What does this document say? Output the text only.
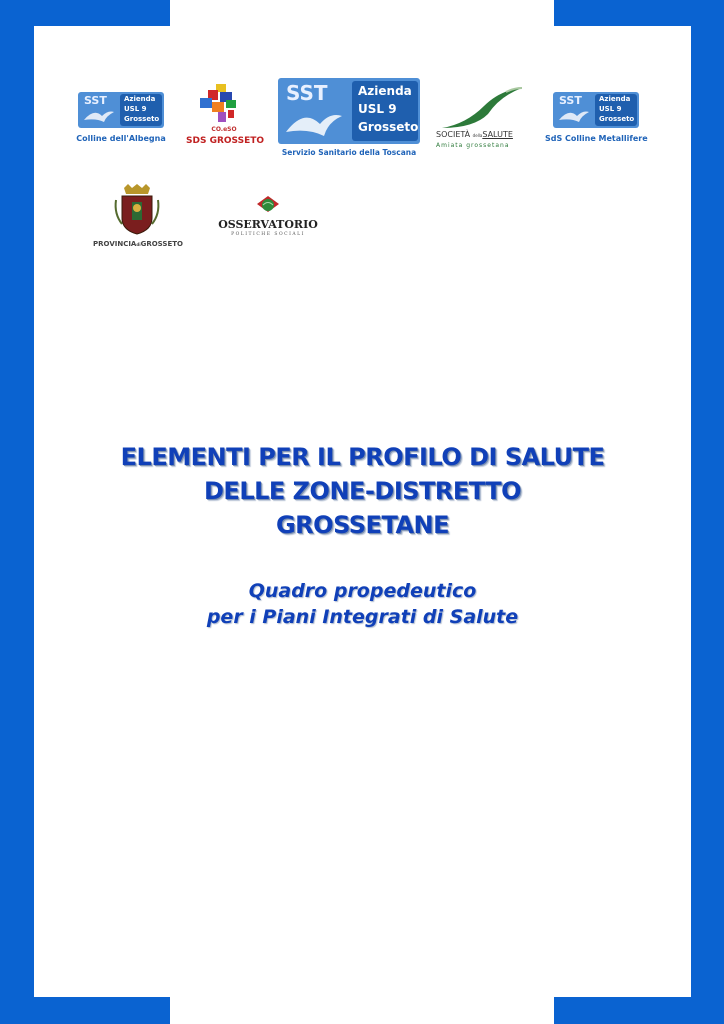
SST Azienda
USL 9
Grosseto
Colline dell'Albegna
CO.eSO
SDS GROSSETO
SST	Azienda
USL 9
Grosseto
Servizio Sanitario della Toscana
SOCIETÀ dellaSALUTE
Amiata grossetana
SST Azienda
USL 9
Grosseto
SdS Colline Metallifere
PROVINCIAdiGROSSETO
OSSERVATORIO
POLITICHE SOCIALI
ELEMENTI PER IL PROFILO DI SALUTE
DELLE ZONE-DISTRETTO
GROSSETANE
Quadro propedeutico
per i Piani Integrati di Salute
